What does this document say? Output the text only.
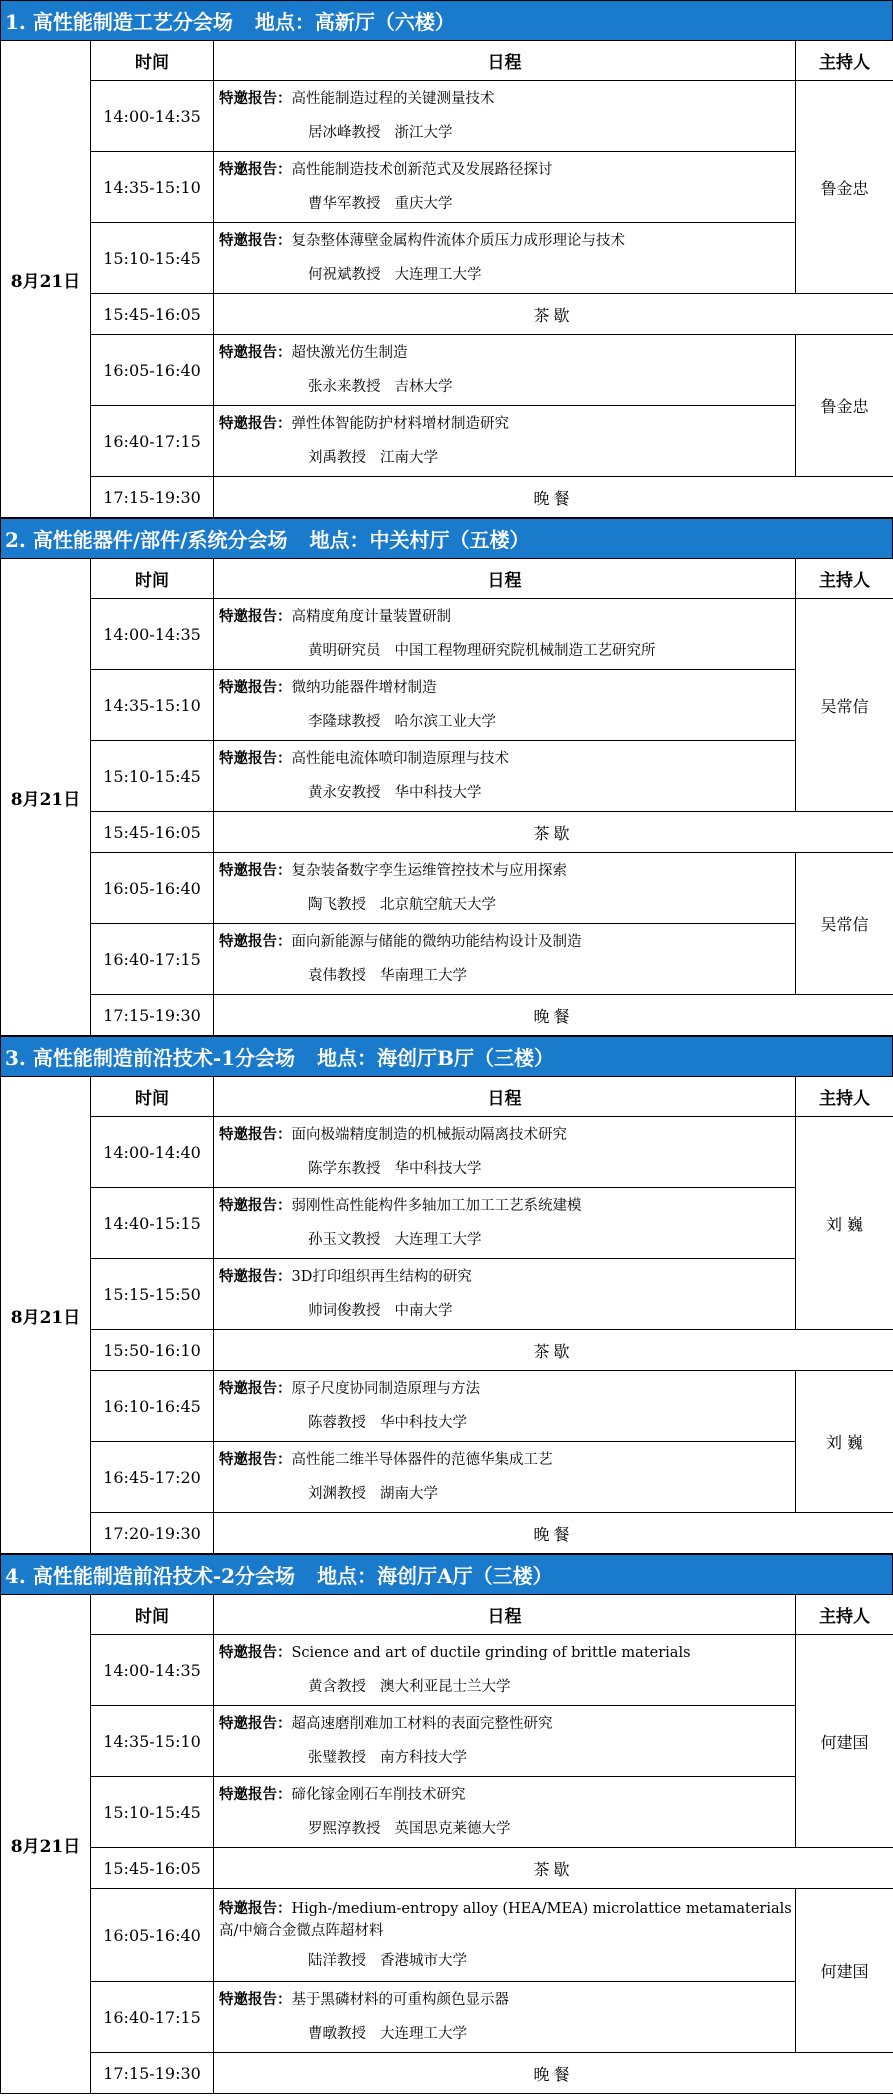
1. 高性能制造工艺分会场 地点：高新厅（六楼）
8月21日	时间	日程	主持人
	14:00-14:35	特邀报告：高性能制造过程的关键测量技术
居冰峰教授 浙江大学	鲁金忠
	14:35-15:10	特邀报告：高性能制造技术创新范式及发展路径探讨
曹华军教授 重庆大学	

	15:10-15:45	特邀报告：复杂整体薄壁金属构件流体介质压力成形理论与技术
何祝斌教授 大连理工大学	

	15:45-16:05	茶歇	
	16:05-16:40	特邀报告：超快激光仿生制造
张永来教授 吉林大学	鲁金忠
	16:40-17:15	特邀报告：弹性体智能防护材料增材制造研究
刘禹教授 江南大学	

	17:15-19:30	晚餐	
2. 高性能器件/部件/系统分会场 地点：中关村厅（五楼）
8月21日	时间	日程	主持人
	14:00-14:35	特邀报告：高精度角度计量装置研制
黄明研究员 中国工程物理研究院机械制造工艺研究所	吴常信
	14:35-15:10	特邀报告：微纳功能器件增材制造
李隆球教授 哈尔滨工业大学	

	15:10-15:45	特邀报告：高性能电流体喷印制造原理与技术
黄永安教授 华中科技大学	

	15:45-16:05	茶歇	
	16:05-16:40	特邀报告：复杂装备数字孪生运维管控技术与应用探索
陶飞教授 北京航空航天大学	吴常信
	16:40-17:15	特邀报告：面向新能源与储能的微纳功能结构设计及制造
袁伟教授 华南理工大学	

	17:15-19:30	晚餐	
3. 高性能制造前沿技术-1分会场 地点：海创厅B厅（三楼）
8月21日	时间	日程	主持人
	14:00-14:40	特邀报告：面向极端精度制造的机械振动隔离技术研究
陈学东教授 华中科技大学	刘 巍
	14:40-15:15	特邀报告：弱刚性高性能构件多轴加工加工工艺系统建模
孙玉文教授 大连理工大学	

	15:15-15:50	特邀报告：3D打印组织再生结构的研究
帅词俊教授 中南大学	

	15:50-16:10	茶歇	
	16:10-16:45	特邀报告：原子尺度协同制造原理与方法
陈蓉教授 华中科技大学	刘 巍
	16:45-17:20	特邀报告：高性能二维半导体器件的范德华集成工艺
刘渊教授 湖南大学	

	17:20-19:30	晚餐	
4. 高性能制造前沿技术-2分会场 地点：海创厅A厅（三楼）
8月21日	时间	日程	主持人
	14:00-14:35	特邀报告：Science and art of ductile grinding of brittle materials
黄含教授 澳大利亚昆士兰大学	何建国
	14:35-15:10	特邀报告：超高速磨削难加工材料的表面完整性研究
张璧教授 南方科技大学	

	15:10-15:45	特邀报告：碲化镓金刚石车削技术研究
罗熙淳教授 英国思克莱德大学	

	15:45-16:05	茶歇	
	16:05-16:40	特邀报告：High-/medium-entropy alloy (HEA/MEA) microlattice metamaterials
高/中熵合金微点阵超材料
陆洋教授 香港城市大学	何建国
	16:40-17:15	特邀报告：基于黑磷材料的可重构颜色显示器
曹暾教授 大连理工大学	

	17:15-19:30	晚餐	
